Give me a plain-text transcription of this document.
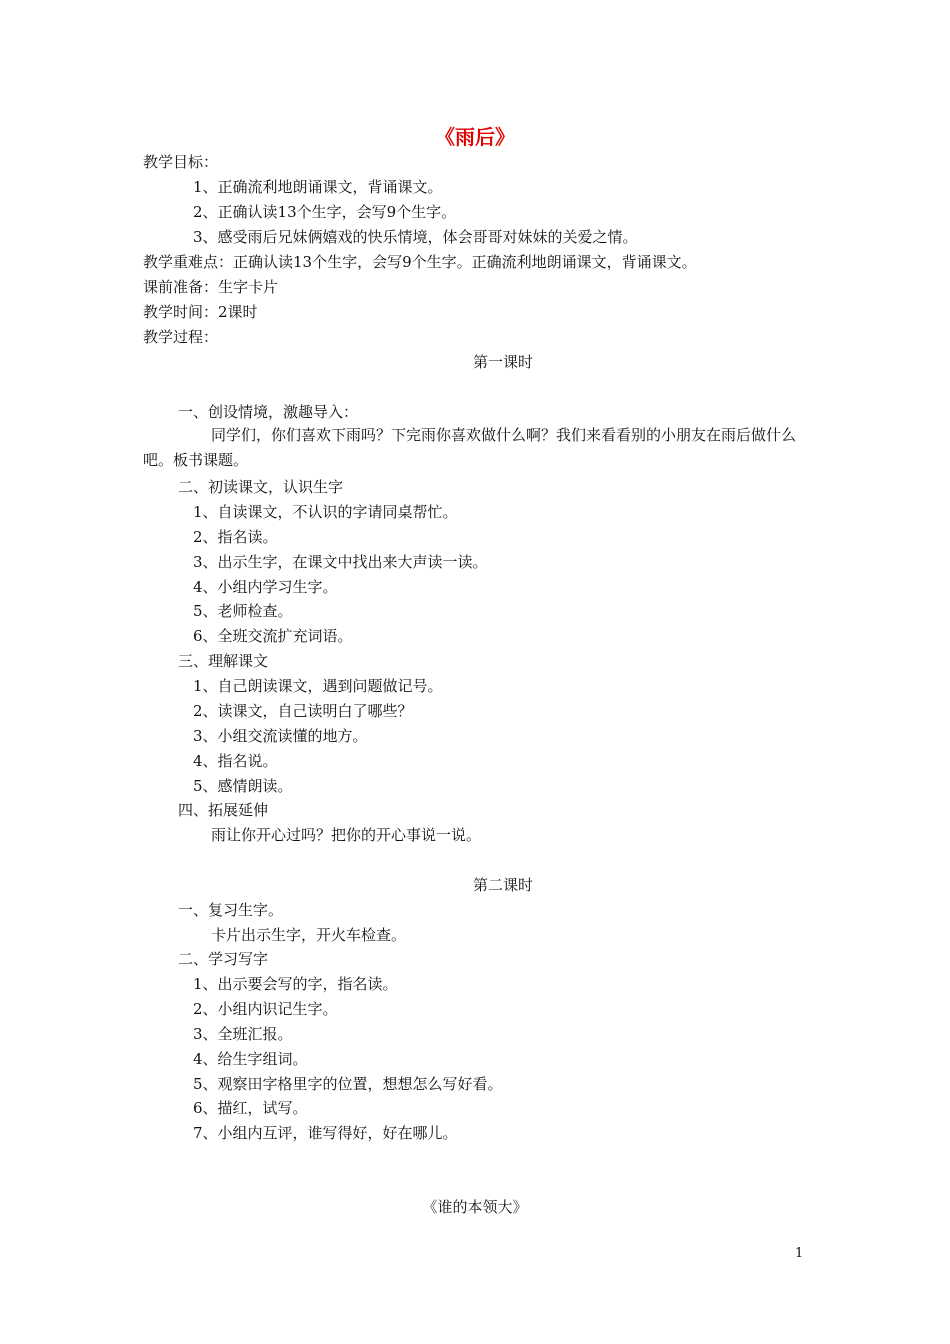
《雨后》
教学目标：
1、正确流利地朗诵课文，背诵课文。
2、正确认读13个生字，会写9个生字。
3、感受雨后兄妹俩嬉戏的快乐情境，体会哥哥对妹妹的关爱之情。
教学重难点：正确认读13个生字，会写9个生字。正确流利地朗诵课文，背诵课文。
课前准备：生字卡片
教学时间：2课时
教学过程：
第一课时
一、创设情境，激趣导入：
同学们，你们喜欢下雨吗？下完雨你喜欢做什么啊？我们来看看别的小朋友在雨后做什么吧。板书课题。
二、初读课文，认识生字
1、自读课文，不认识的字请同桌帮忙。
2、指名读。
3、出示生字，在课文中找出来大声读一读。
4、小组内学习生字。
5、老师检查。
6、全班交流扩充词语。
三、理解课文
1、自己朗读课文，遇到问题做记号。
2、读课文，自己读明白了哪些？
3、小组交流读懂的地方。
4、指名说。
5、感情朗读。
四、拓展延伸
雨让你开心过吗？把你的开心事说一说。
第二课时
一、复习生字。
卡片出示生字，开火车检查。
二、学习写字
1、出示要会写的字，指名读。
2、小组内识记生字。
3、全班汇报。
4、给生字组词。
5、观察田字格里字的位置，想想怎么写好看。
6、描红，试写。
7、小组内互评，谁写得好，好在哪儿。
《谁的本领大》
1
